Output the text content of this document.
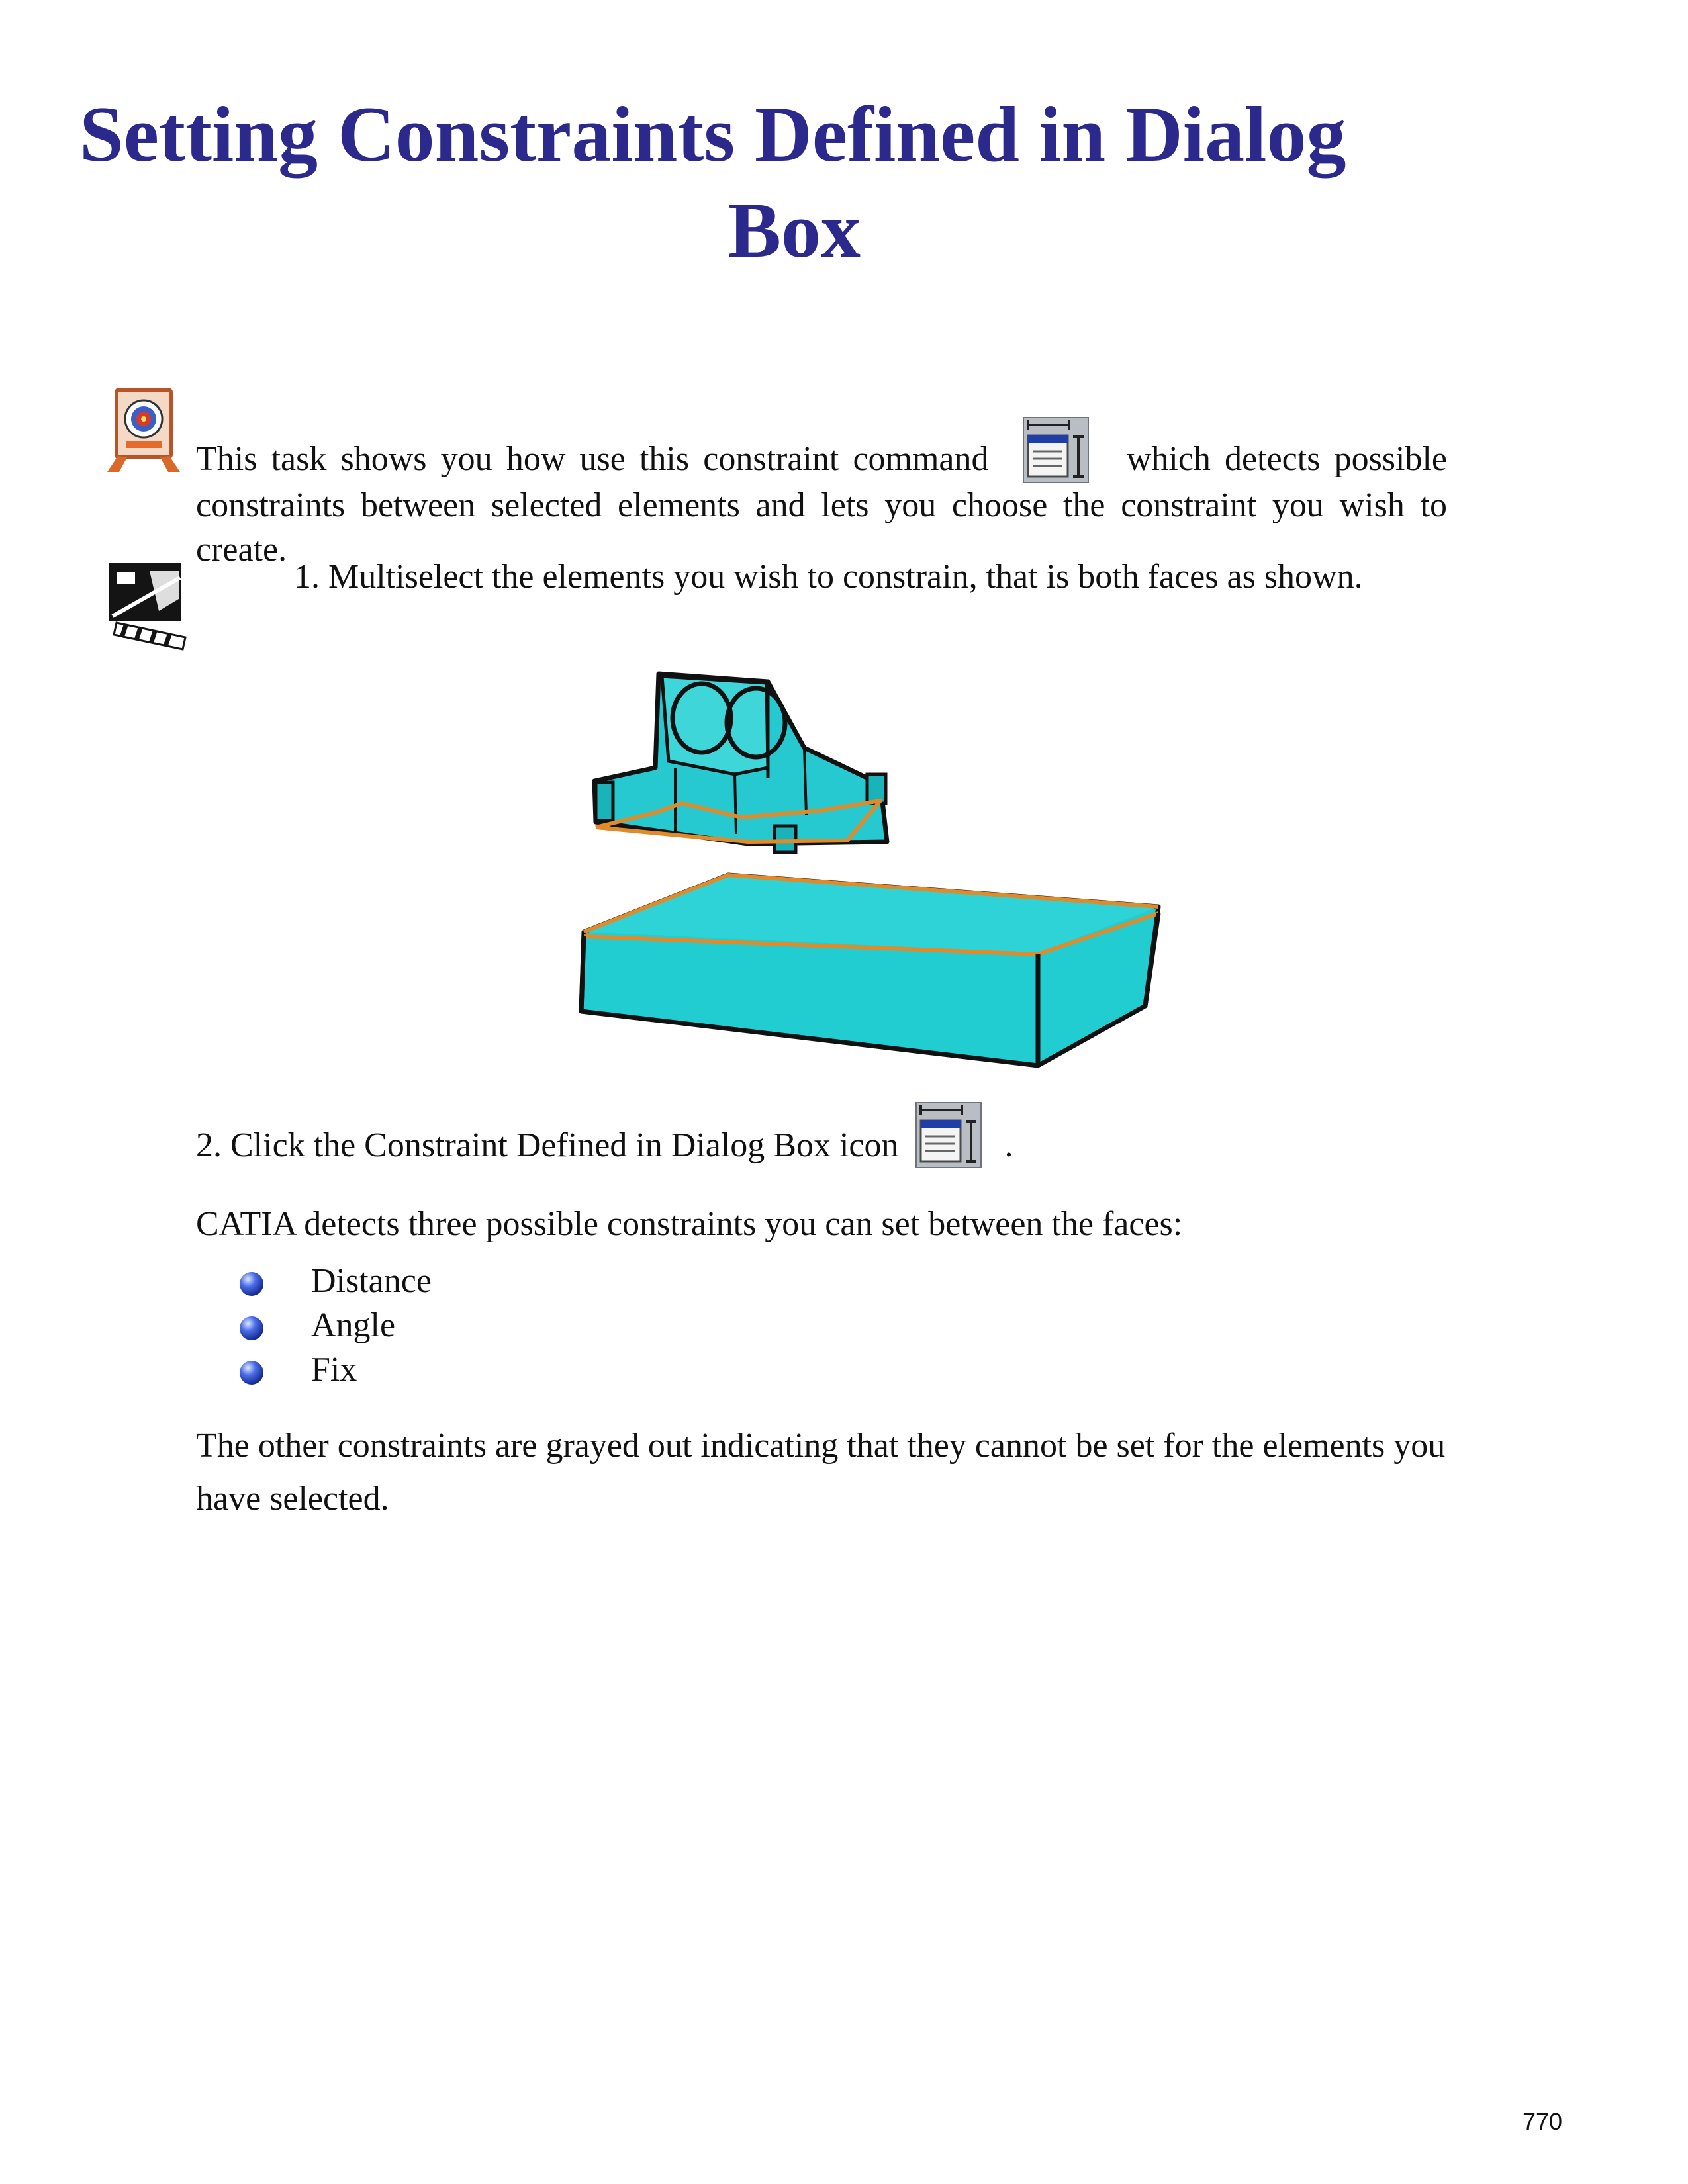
Setting Constraints Defined in Dialog
Box

This task shows you how use this constraint command	which detects possible constraints between selected elements and lets you choose the constraint you wish to create.

1. Multiselect the elements you wish to constrain, that is both faces as shown.

2. Click the Constraint Defined in Dialog Box icon	.

CATIA detects three possible constraints you can set between the faces:

Distance
Angle
Fix

The other constraints are grayed out indicating that they cannot be set for the elements you have selected.

770
